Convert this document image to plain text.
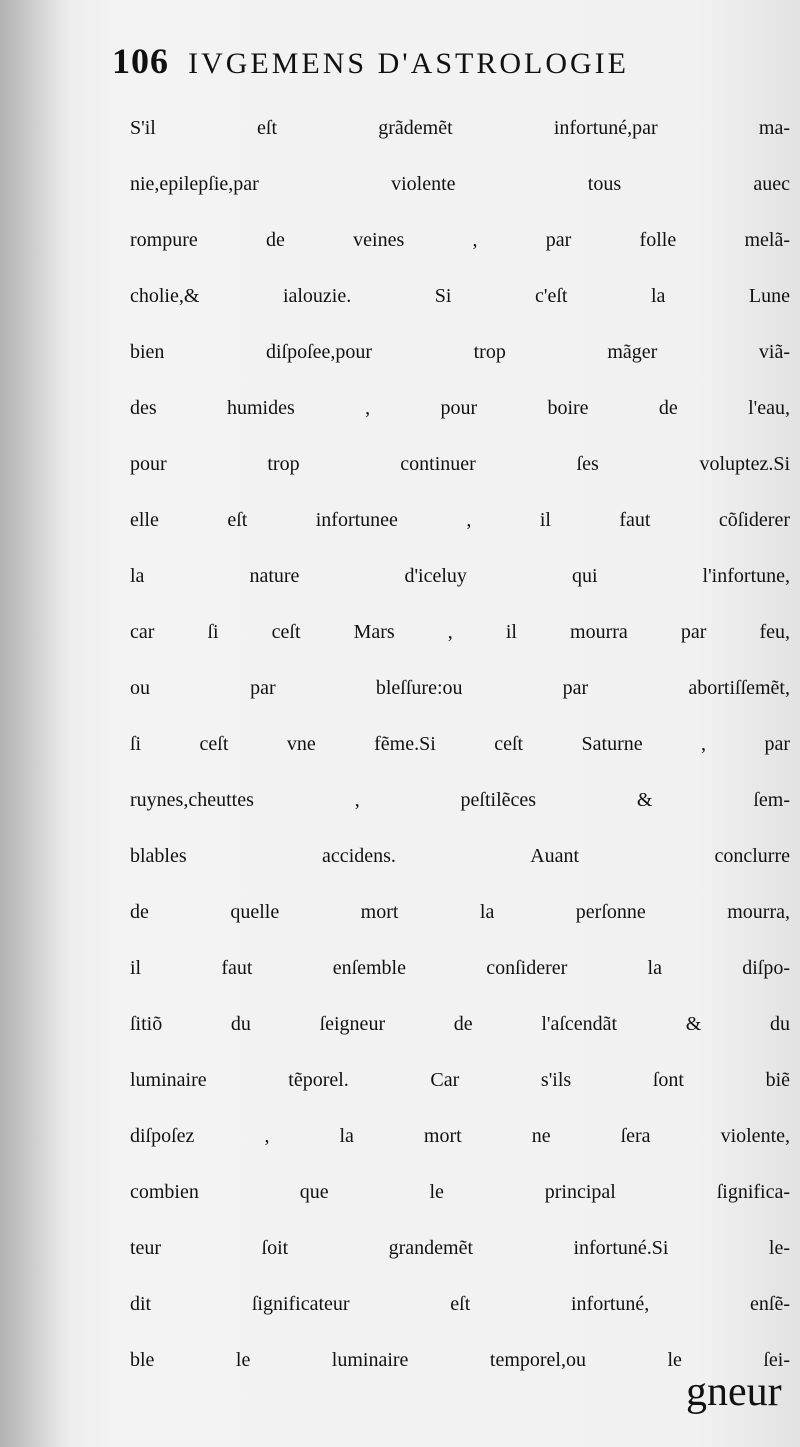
106 IVGEMENS D'ASTROLOGIE
S'il eſt grãdemẽt infortuné,par ma-
nie,epilepſie,par violente tous auec
rompure de veines , par folle melã-
cholie,& ialouzie. Si c'eſt la Lune
bien diſpoſee,pour trop mãger viã-
des humides , pour boire de l'eau,
pour trop continuer ſes voluptez.Si
elle eſt infortunee , il faut cõſiderer
la nature d'iceluy qui l'infortune,
car ſi ceſt Mars , il mourra par feu,
ou par bleſſure:ou par abortiſſemẽt,
ſi ceſt vne fẽme.Si ceſt Saturne , par
ruynes,cheuttes , peſtilẽces & ſem-
blables accidens. Auant conclurre
de quelle mort la perſonne mourra,
il faut enſemble conſiderer la diſpo-
ſitiõ du ſeigneur de l'aſcendãt & du
luminaire tẽporel. Car s'ils ſont biẽ
diſpoſez , la mort ne ſera violente,
combien que le principal ſignifica-
teur ſoit grandemẽt infortuné.Si le-
dit ſignificateur eſt infortuné, enſẽ-
ble le luminaire temporel,ou le ſei-
gneur
